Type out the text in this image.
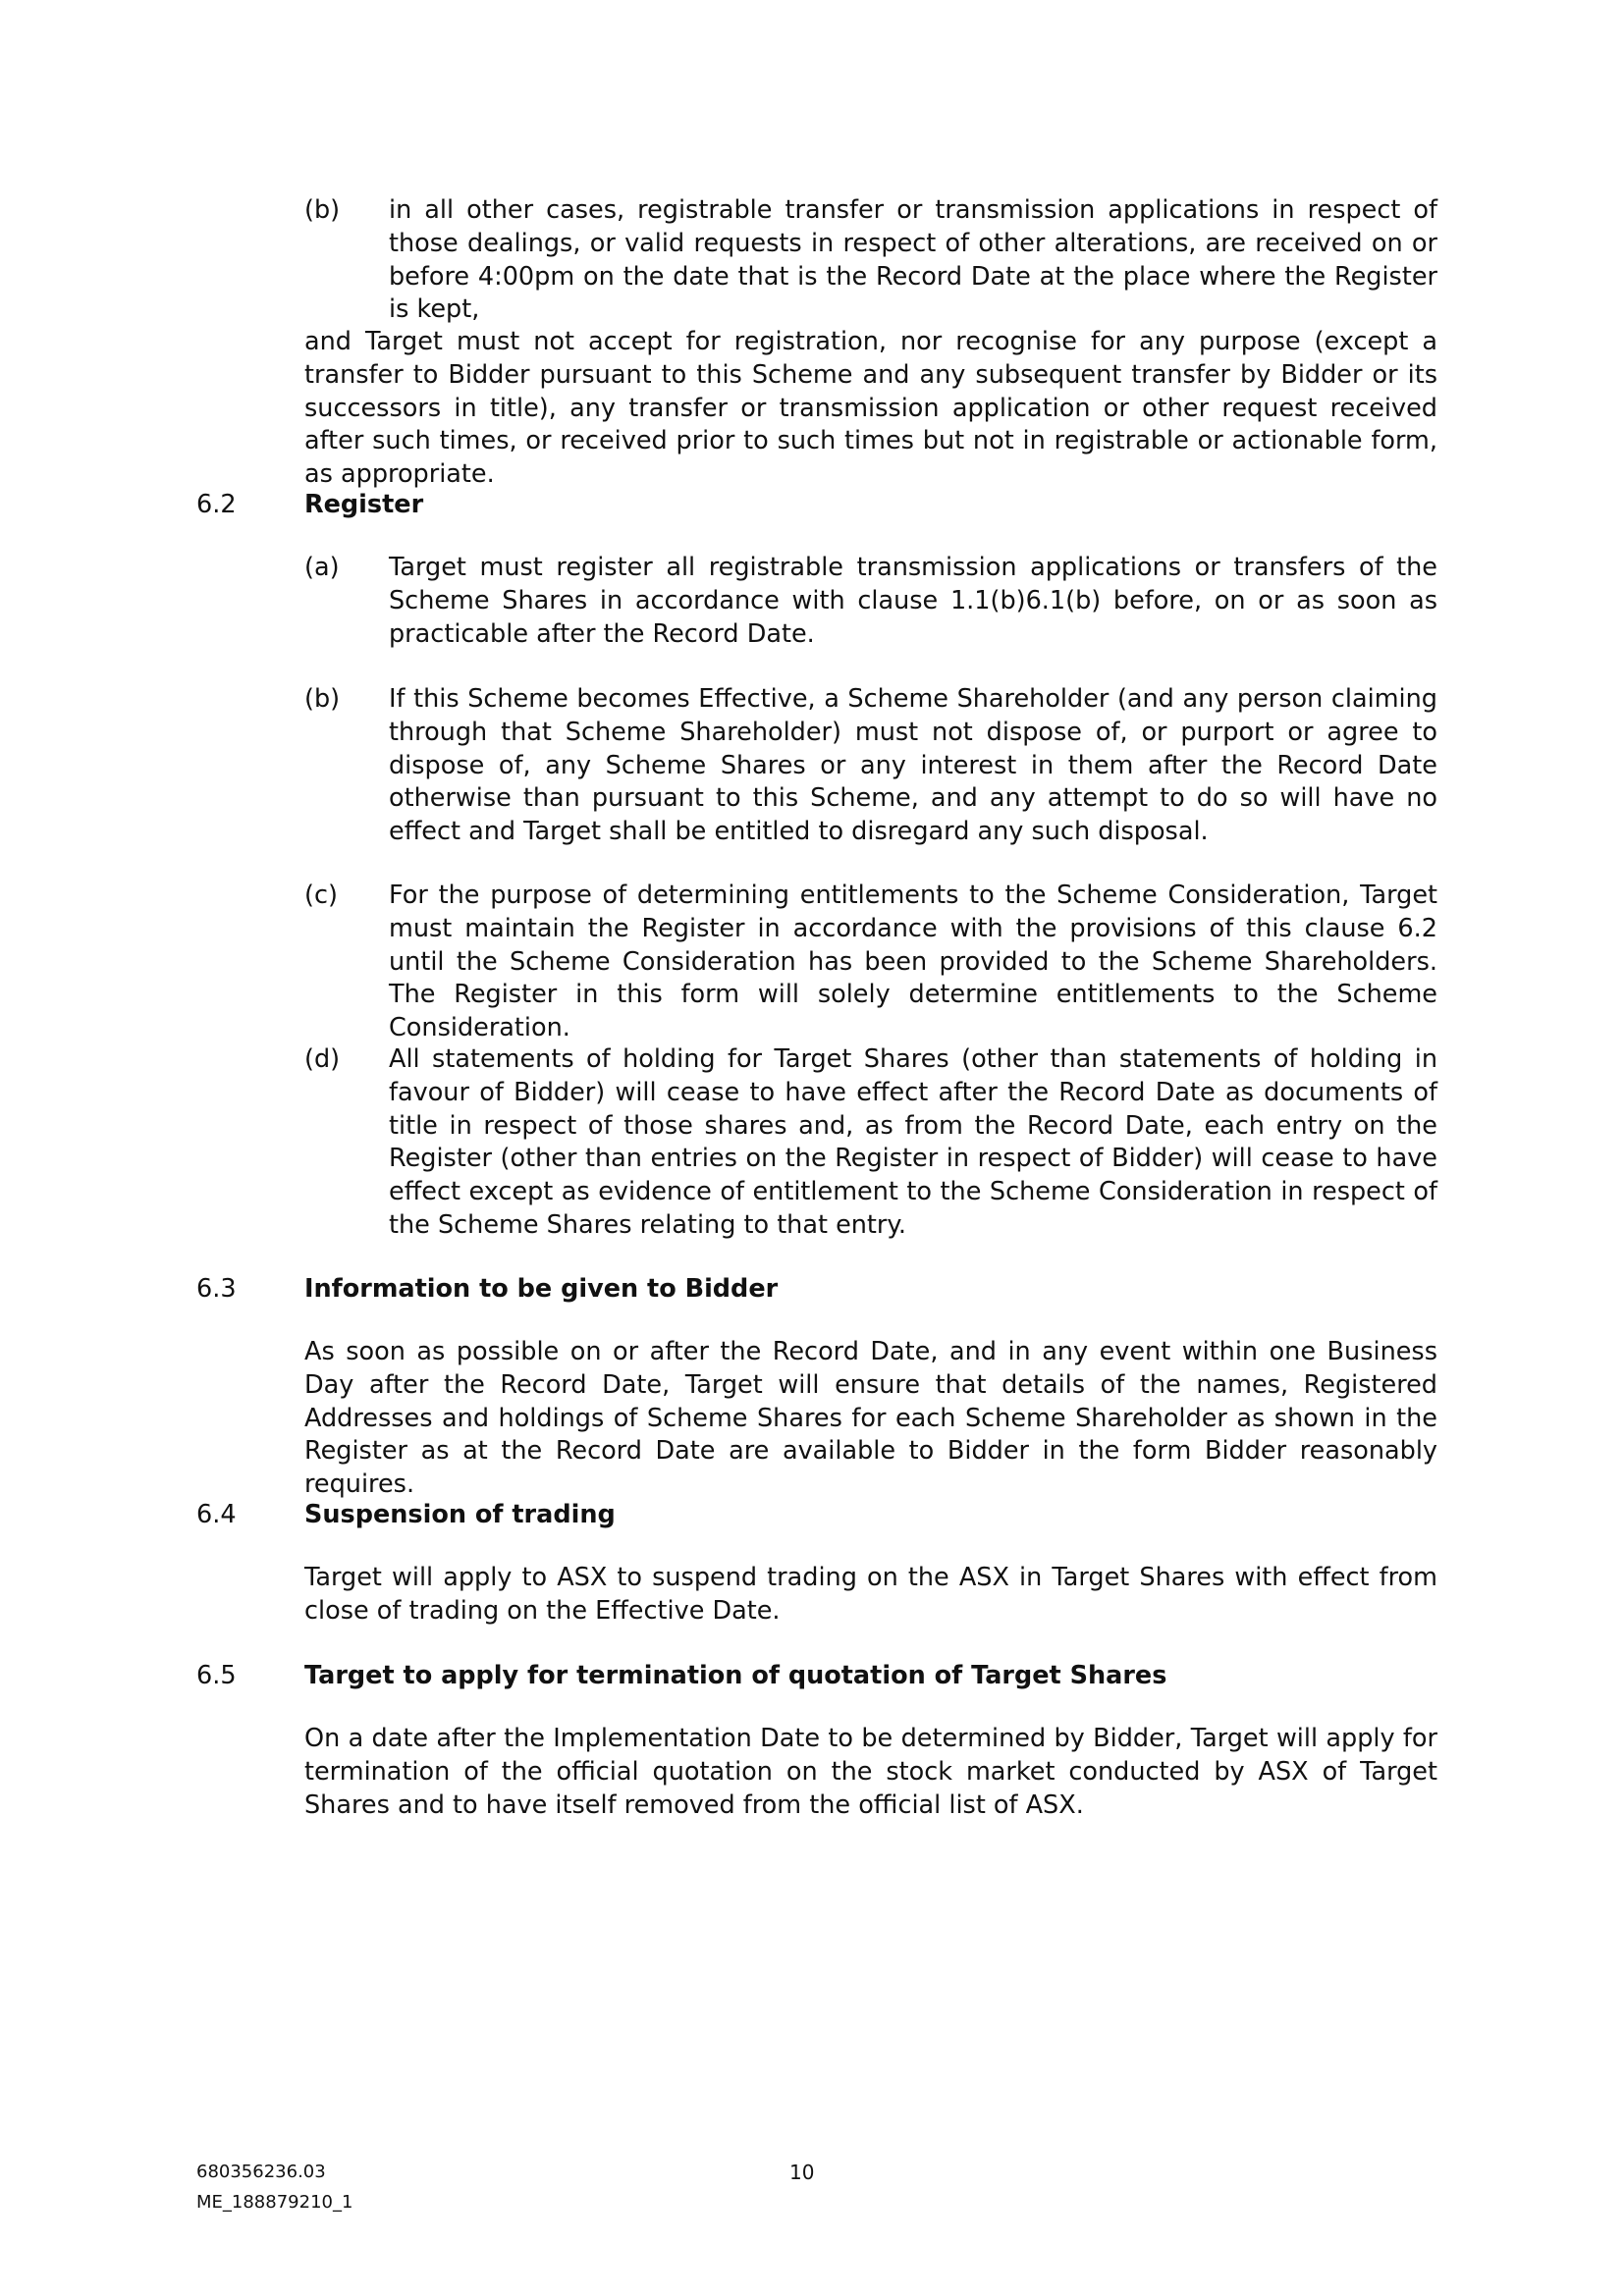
(b) in all other cases, registrable transfer or transmission applications in respect of those dealings, or valid requests in respect of other alterations, are received on or before 4:00pm on the date that is the Record Date at the place where the Register is kept,

and Target must not accept for registration, nor recognise for any purpose (except a transfer to Bidder pursuant to this Scheme and any subsequent transfer by Bidder or its successors in title), any transfer or transmission application or other request received after such times, or received prior to such times but not in registrable or actionable form, as appropriate.

6.2	Register
(a) Target must register all registrable transmission applications or transfers of the Scheme Shares in accordance with clause 1.1(b)6.1(b) before, on or as soon as practicable after the Record Date.

(b) If this Scheme becomes Effective, a Scheme Shareholder (and any person claiming through that Scheme Shareholder) must not dispose of, or purport or agree to dispose of, any Scheme Shares or any interest in them after the Record Date otherwise than pursuant to this Scheme, and any attempt to do so will have no effect and Target shall be entitled to disregard any such disposal.

(c) For the purpose of determining entitlements to the Scheme Consideration, Target must maintain the Register in accordance with the provisions of this clause 6.2 until the Scheme Consideration has been provided to the Scheme Shareholders. The Register in this form will solely determine entitlements to the Scheme Consideration.

(d) All statements of holding for Target Shares (other than statements of holding in favour of Bidder) will cease to have effect after the Record Date as documents of title in respect of those shares and, as from the Record Date, each entry on the Register (other than entries on the Register in respect of Bidder) will cease to have effect except as evidence of entitlement to the Scheme Consideration in respect of the Scheme Shares relating to that entry.

6.3	Information to be given to Bidder

As soon as possible on or after the Record Date, and in any event within one Business Day after the Record Date, Target will ensure that details of the names, Registered Addresses and holdings of Scheme Shares for each Scheme Shareholder as shown in the Register as at the Record Date are available to Bidder in the form Bidder reasonably requires.

6.4	Suspension of trading

Target will apply to ASX to suspend trading on the ASX in Target Shares with effect from close of trading on the Effective Date.

6.5	Target to apply for termination of quotation of Target Shares

On a date after the Implementation Date to be determined by Bidder, Target will apply for termination of the official quotation on the stock market conducted by ASX of Target Shares and to have itself removed from the official list of ASX.

680356236.03
ME_188879210_1
10
